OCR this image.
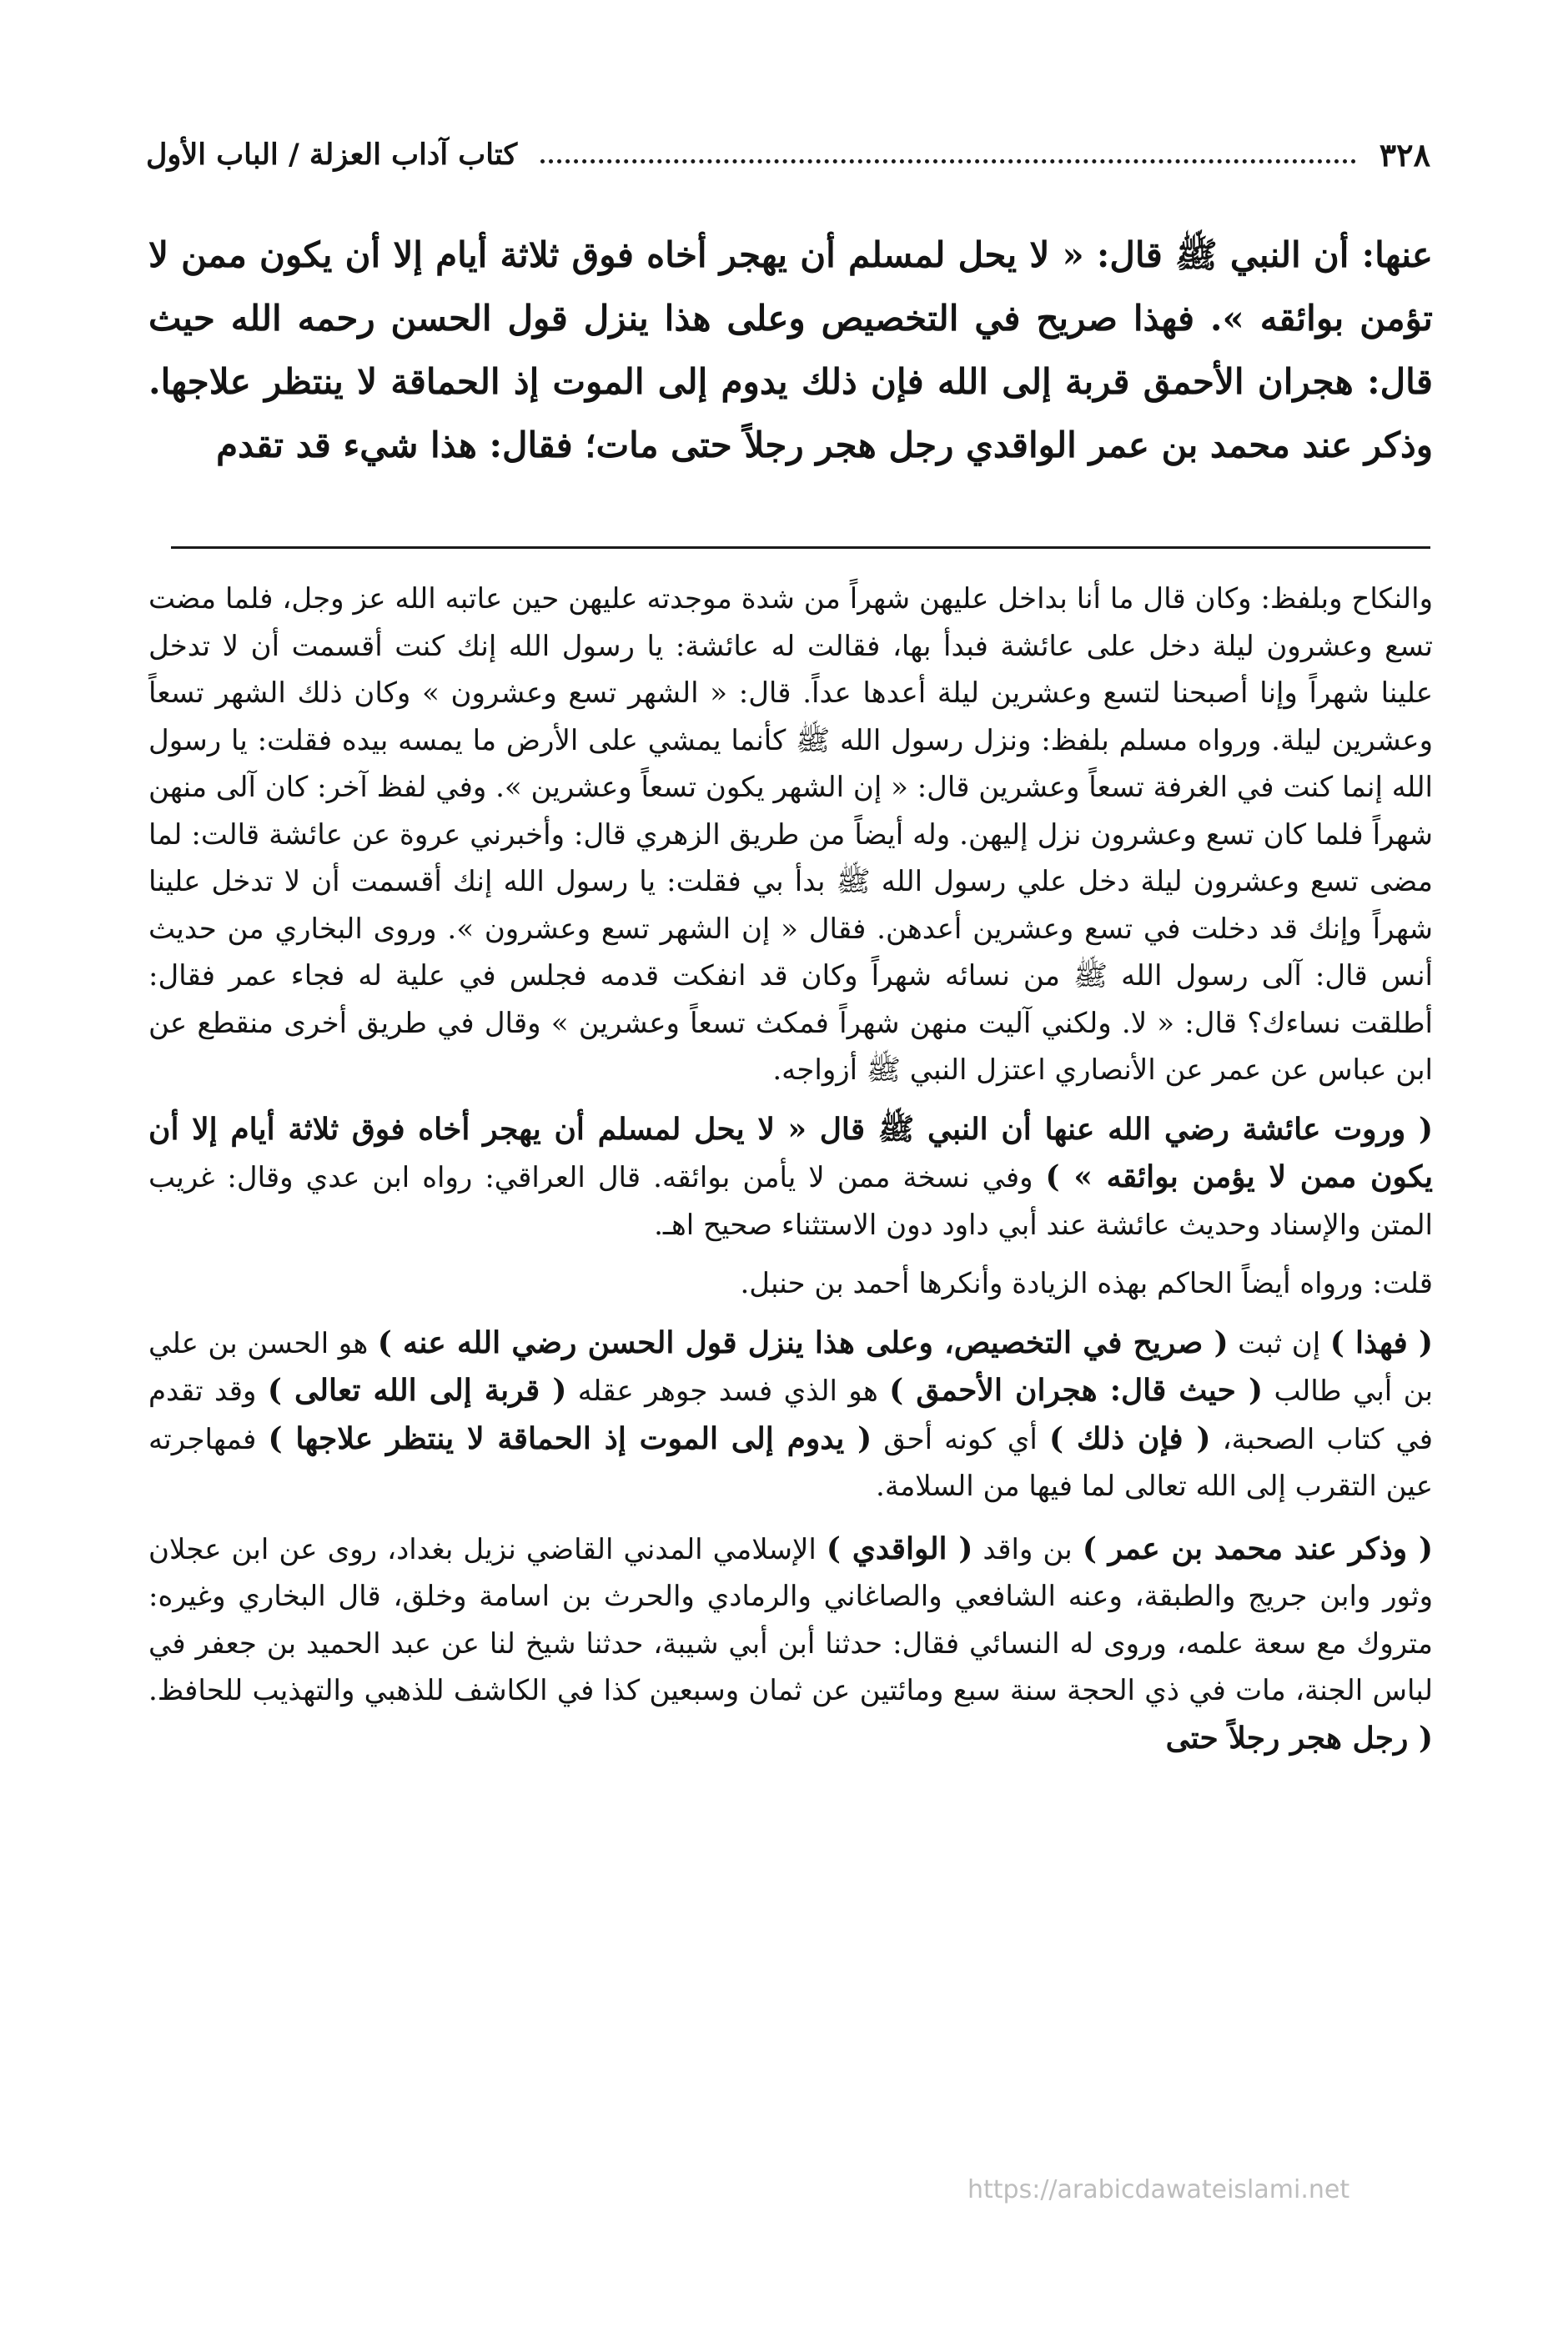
٣٢٨
كتاب آداب العزلة / الباب الأول

عنها: أن النبي ﷺ قال: « لا يحل لمسلم أن يهجر أخاه فوق ثلاثة أيام إلا أن يكون ممن لا تؤمن بوائقه ». فهذا صريح في التخصيص وعلى هذا ينزل قول الحسن رحمه الله حيث قال: هجران الأحمق قربة إلى الله فإن ذلك يدوم إلى الموت إذ الحماقة لا ينتظر علاجها. وذكر عند محمد بن عمر الواقدي رجل هجر رجلاً حتى مات؛ فقال: هذا شيء قد تقدم

والنكاح وبلفظ: وكان قال ما أنا بداخل عليهن شهراً من شدة موجدته عليهن حين عاتبه الله عز وجل، فلما مضت تسع وعشرون ليلة دخل على عائشة فبدأ بها، فقالت له عائشة: يا رسول الله إنك كنت أقسمت أن لا تدخل علينا شهراً وإنا أصبحنا لتسع وعشرين ليلة أعدها عداً. قال: « الشهر تسع وعشرون » وكان ذلك الشهر تسعاً وعشرين ليلة. ورواه مسلم بلفظ: ونزل رسول الله ﷺ كأنما يمشي على الأرض ما يمسه بيده فقلت: يا رسول الله إنما كنت في الغرفة تسعاً وعشرين قال: « إن الشهر يكون تسعاً وعشرين ». وفي لفظ آخر: كان آلى منهن شهراً فلما كان تسع وعشرون نزل إليهن. وله أيضاً من طريق الزهري قال: وأخبرني عروة عن عائشة قالت: لما مضى تسع وعشرون ليلة دخل علي رسول الله ﷺ بدأ بي فقلت: يا رسول الله إنك أقسمت أن لا تدخل علينا شهراً وإنك قد دخلت في تسع وعشرين أعدهن. فقال « إن الشهر تسع وعشرون ». وروى البخاري من حديث أنس قال: آلى رسول الله ﷺ من نسائه شهراً وكان قد انفكت قدمه فجلس في علية له فجاء عمر فقال: أطلقت نساءك؟ قال: « لا. ولكني آليت منهن شهراً فمكث تسعاً وعشرين » وقال في طريق أخرى منقطع عن ابن عباس عن عمر عن الأنصاري اعتزل النبي ﷺ أزواجه.

( وروت عائشة رضي الله عنها أن النبي ﷺ قال « لا يحل لمسلم أن يهجر أخاه فوق ثلاثة أيام إلا أن يكون ممن لا يؤمن بوائقه » ) وفي نسخة ممن لا يأمن بوائقه. قال العراقي: رواه ابن عدي وقال: غريب المتن والإسناد وحديث عائشة عند أبي داود دون الاستثناء صحيح اهـ.

قلت: ورواه أيضاً الحاكم بهذه الزيادة وأنكرها أحمد بن حنبل.

( فهذا ) إن ثبت ( صريح في التخصيص، وعلى هذا ينزل قول الحسن رضي الله عنه ) هو الحسن بن علي بن أبي طالب ( حيث قال: هجران الأحمق ) هو الذي فسد جوهر عقله ( قربة إلى الله تعالى ) وقد تقدم في كتاب الصحبة، ( فإن ذلك ) أي كونه أحق ( يدوم إلى الموت إذ الحماقة لا ينتظر علاجها ) فمهاجرته عين التقرب إلى الله تعالى لما فيها من السلامة.

( وذكر عند محمد بن عمر ) بن واقد ( الواقدي ) الإسلامي المدني القاضي نزيل بغداد، روى عن ابن عجلان وثور وابن جريج والطبقة، وعنه الشافعي والصاغاني والرمادي والحرث بن اسامة وخلق، قال البخاري وغيره: متروك مع سعة علمه، وروى له النسائي فقال: حدثنا أبن أبي شيبة، حدثنا شيخ لنا عن عبد الحميد بن جعفر في لباس الجنة، مات في ذي الحجة سنة سبع ومائتين عن ثمان وسبعين كذا في الكاشف للذهبي والتهذيب للحافظ. ( رجل هجر رجلاً حتى

https://arabicdawateislami.net
